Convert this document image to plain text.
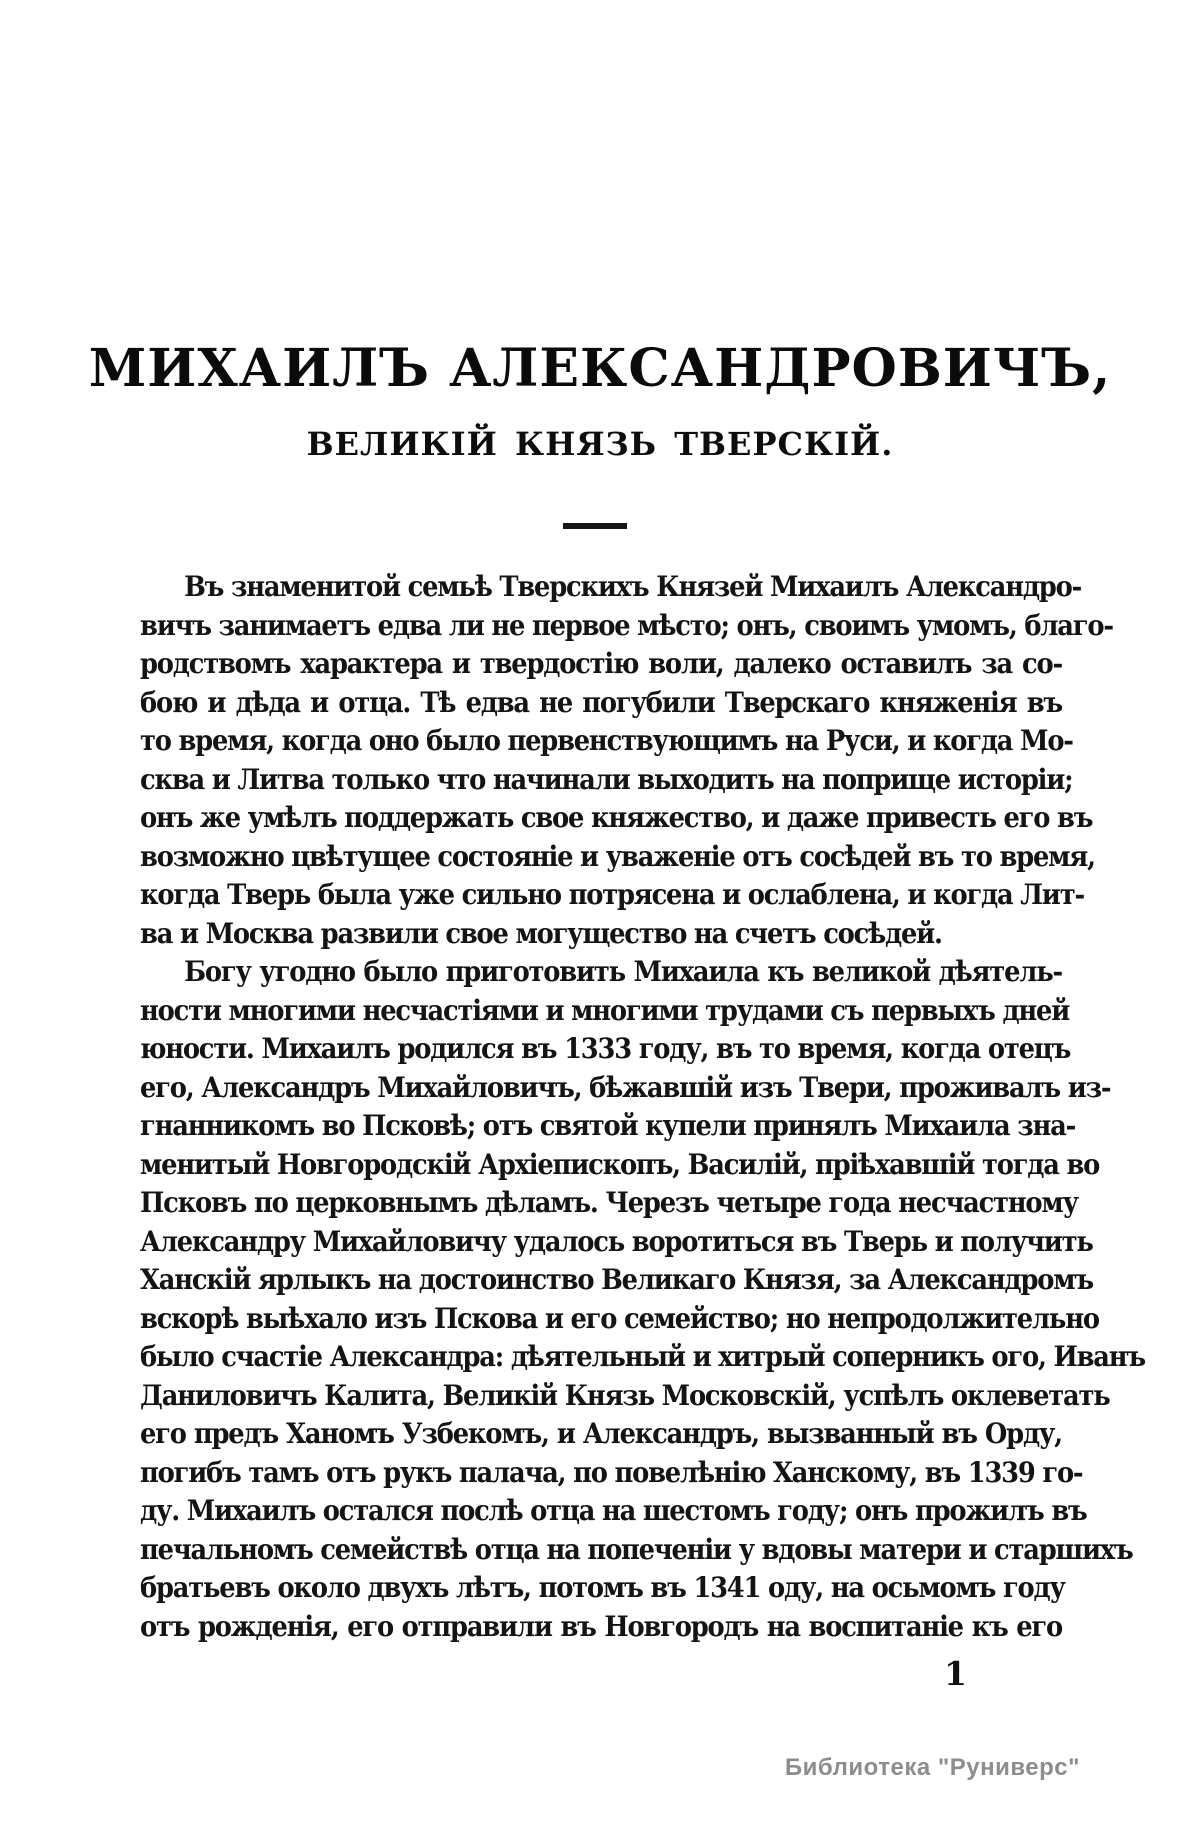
МИХАИЛЪ АЛЕКСАНДРОВИЧЪ,
ВЕЛИКІЙ КНЯЗЬ ТВЕРСКІЙ.
Въ знаменитой семьѣ Тверскихъ Князей Михаилъ Александро-
вичъ занимаетъ едва ли не первое мѣсто; онъ, своимъ умомъ, благо-
родствомъ характера и твердостію воли, далеко оставилъ за со-
бою и дѣда и отца. Тѣ едва не погубили Тверскаго княженія въ
то время, когда оно было первенствующимъ на Руси, и когда Мо-
сква и Литва только что начинали выходить на поприще исторіи;
онъ же умѣлъ поддержать свое княжество, и даже привесть его въ
возможно цвѣтущее состояніе и уваженіе отъ сосѣдей въ то время,
когда Тверь была уже сильно потрясена и ослаблена, и когда Лит-
ва и Москва развили свое могущество на счетъ сосѣдей.
Богу угодно было приготовить Михаила къ великой дѣятель-
ности многими несчастіями и многими трудами съ первыхъ дней
юности. Михаилъ родился въ 1333 году, въ то время, когда отецъ
его, Александръ Михайловичъ, бѣжавшій изъ Твери, проживалъ из-
гнанникомъ во Псковѣ; отъ святой купели принялъ Михаила зна-
менитый Новгородскій Архіепископъ, Василій, пріѣхавшій тогда во
Псковъ по церковнымъ дѣламъ. Черезъ четыре года несчастному
Александру Михайловичу удалось воротиться въ Тверь и получить
Ханскій ярлыкъ на достоинство Великаго Князя, за Александромъ
вскорѣ выѣхало изъ Пскова и его семейство; но непродолжительно
было счастіе Александра: дѣятельный и хитрый соперникъ ого, Иванъ
Даниловичъ Калита, Великій Князь Московскій, успѣлъ оклеветать
его предъ Ханомъ Узбекомъ, и Александръ, вызванный въ Орду,
погибъ тамъ отъ рукъ палача, по повелѣнію Ханскому, въ 1339 го-
ду. Михаилъ остался послѣ отца на шестомъ году; онъ прожилъ въ
печальномъ семействѣ отца на попеченіи у вдовы матери и старшихъ
братьевъ около двухъ лѣтъ, потомъ въ 1341 оду, на осьмомъ году
отъ рожденія, его отправили въ Новгородъ на воспитаніе къ его
1
Библиотека "Руниверс"
